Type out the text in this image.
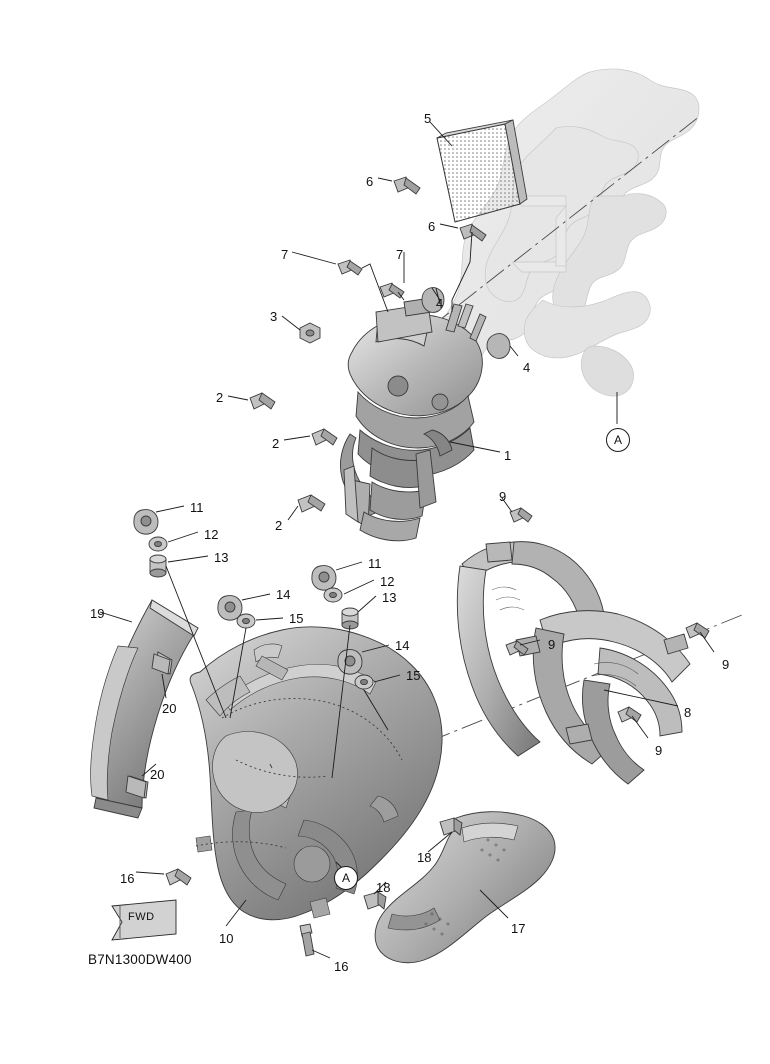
5
6
6
7	7
4
4
3
2
2
2
1
9
9
9
9
8
11
12
13	11
12
13
14
15
14
15
19
20
20
16
16
10
18
18
17
A
A
FWD
B7N1300DW400
